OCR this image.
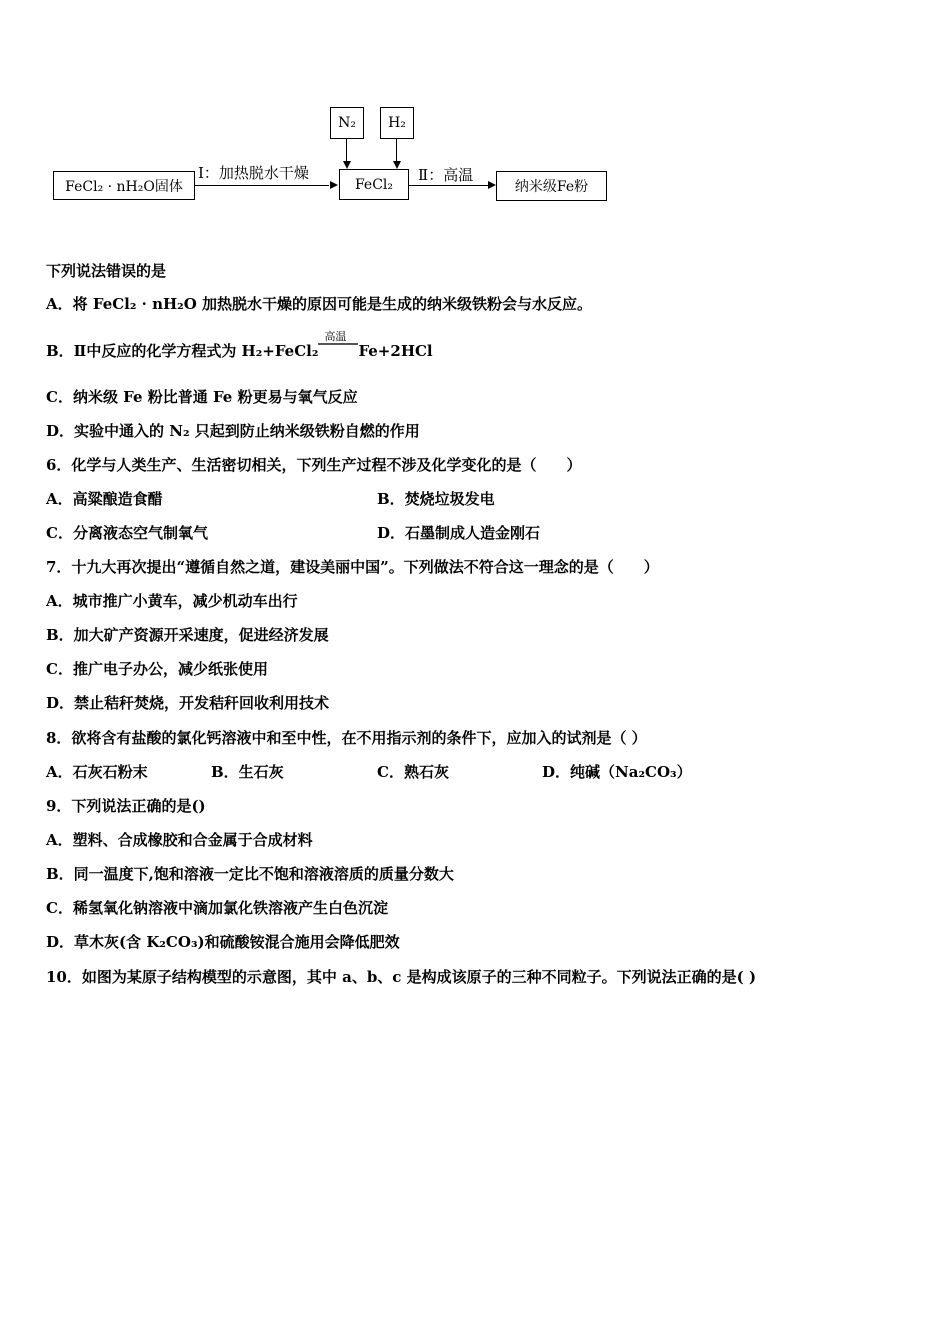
FeCl₂ · nH₂O固体
Ⅰ：加热脱水干燥
N₂	H₂
FeCl₂
Ⅱ：高温
纳米级Fe粉
下列说法错误的是
A．将 FeCl₂ · nH₂O 加热脱水干燥的原因可能是生成的纳米级铁粉会与水反应。
B．Ⅱ中反应的化学方程式为 H₂+FeCl₂
高温
Fe+2HCl
C．纳米级 Fe 粉比普通 Fe 粉更易与氧气反应
D．实验中通入的 N₂ 只起到防止纳米级铁粉自燃的作用
6．化学与人类生产、生活密切相关，下列生产过程不涉及化学变化的是（　　）
A．高粱酿造食醋	B．焚烧垃圾发电
C．分离液态空气制氧气	D．石墨制成人造金刚石
7．十九大再次提出“遵循自然之道，建设美丽中国”。下列做法不符合这一理念的是（　　）
A．城市推广小黄车，减少机动车出行
B．加大矿产资源开采速度，促进经济发展
C．推广电子办公，减少纸张使用
D．禁止秸秆焚烧，开发秸秆回收利用技术
8．欲将含有盐酸的氯化钙溶液中和至中性，在不用指示剂的条件下，应加入的试剂是（ ）
A．石灰石粉末	B．生石灰	C．熟石灰	D．纯碱（Na₂CO₃）
9．下列说法正确的是()
A．塑料、合成橡胶和合金属于合成材料
B．同一温度下,饱和溶液一定比不饱和溶液溶质的质量分数大
C．稀氢氧化钠溶液中滴加氯化铁溶液产生白色沉淀
D．草木灰(含 K₂CO₃)和硫酸铵混合施用会降低肥效
10．如图为某原子结构模型的示意图，其中 a、b、c 是构成该原子的三种不同粒子。下列说法正确的是( )
